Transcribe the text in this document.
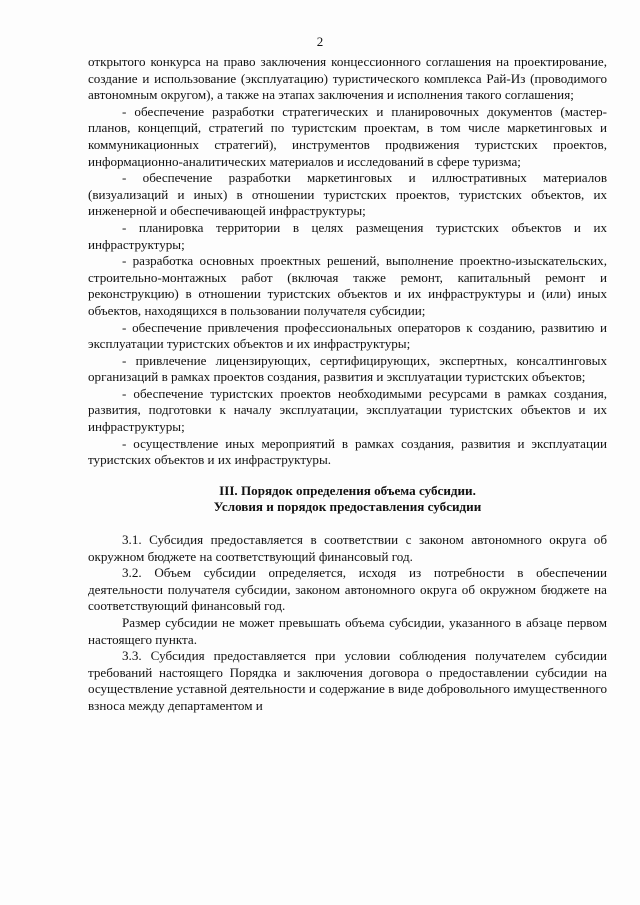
2

открытого конкурса на право заключения концессионного соглашения на проектирование, создание и использование (эксплуатацию) туристического комплекса Рай-Из (проводимого автономным округом), а также на этапах заключения и исполнения такого соглашения;

- обеспечение разработки стратегических и планировочных документов (мастер-планов, концепций, стратегий по туристским проектам, в том числе маркетинговых и коммуникационных стратегий), инструментов продвижения туристских проектов, информационно-аналитических материалов и исследований в сфере туризма;

- обеспечение разработки маркетинговых и иллюстративных материалов (визуализаций и иных) в отношении туристских проектов, туристских объектов, их инженерной и обеспечивающей инфраструктуры;

- планировка территории в целях размещения туристских объектов и их инфраструктуры;

- разработка основных проектных решений, выполнение проектно-изыскательских, строительно-монтажных работ (включая также ремонт, капитальный ремонт и реконструкцию) в отношении туристских объектов и их инфраструктуры и (или) иных объектов, находящихся в пользовании получателя субсидии;

- обеспечение привлечения профессиональных операторов к созданию, развитию и эксплуатации туристских объектов и их инфраструктуры;

- привлечение лицензирующих, сертифицирующих, экспертных, консалтинговых организаций в рамках проектов создания, развития и эксплуатации туристских объектов;

- обеспечение туристских проектов необходимыми ресурсами в рамках создания, развития, подготовки к началу эксплуатации, эксплуатации туристских объектов и их инфраструктуры;

- осуществление иных мероприятий в рамках создания, развития и эксплуатации туристских объектов и их инфраструктуры.

III. Порядок определения объема субсидии.
Условия и порядок предоставления субсидии

3.1. Субсидия предоставляется в соответствии с законом автономного округа об окружном бюджете на соответствующий финансовый год.

3.2. Объем субсидии определяется, исходя из потребности в обеспечении деятельности получателя субсидии, законом автономного округа об окружном бюджете на соответствующий финансовый год.

Размер субсидии не может превышать объема субсидии, указанного в абзаце первом настоящего пункта.

3.3. Субсидия предоставляется при условии соблюдения получателем субсидии требований настоящего Порядка и заключения договора о предоставлении субсидии на осуществление уставной деятельности и содержание в виде добровольного имущественного взноса между департаментом и
